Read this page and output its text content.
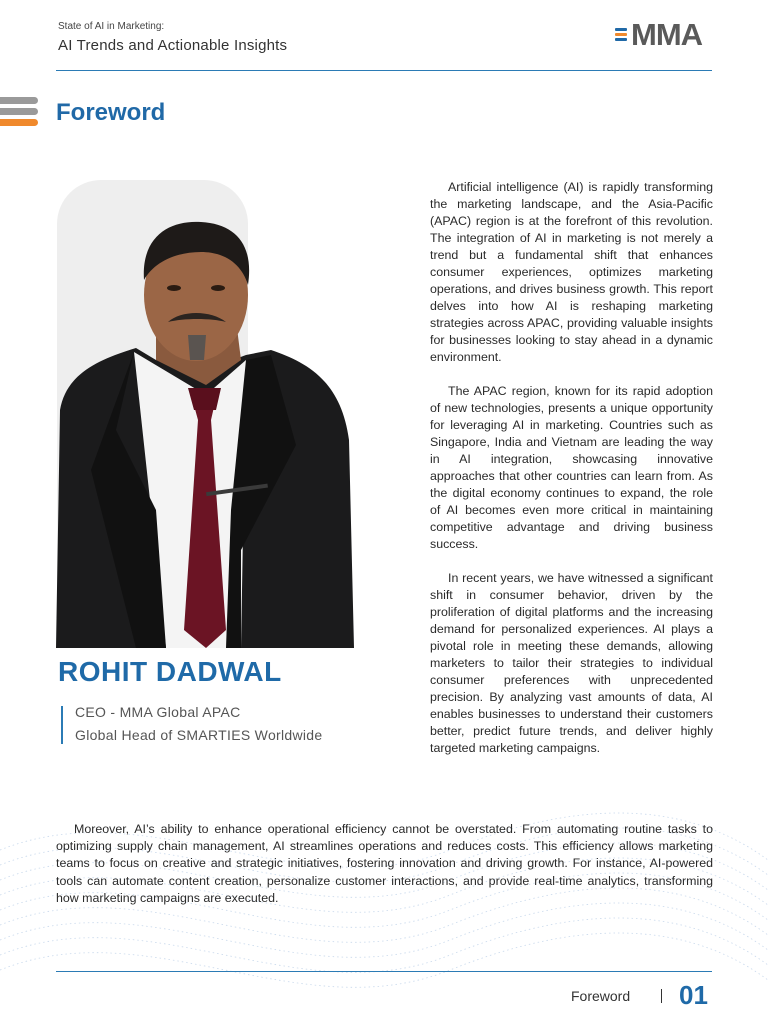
State of AI in Marketing:
AI Trends and Actionable Insights	MMA
Foreword
ROHIT DADWAL
CEO - MMA Global APAC
Global Head of SMARTIES Worldwide

Artificial intelligence (AI) is rapidly transforming the marketing landscape, and the Asia-Pacific (APAC) region is at the forefront of this revolution. The integration of AI in marketing is not merely a trend but a fundamental shift that enhances consumer experiences, optimizes marketing operations, and drives business growth. This report delves into how AI is reshaping marketing strategies across APAC, providing valuable insights for businesses looking to stay ahead in a dynamic environment.

The APAC region, known for its rapid adoption of new technologies, presents a unique opportunity for leveraging AI in marketing. Countries such as Singapore, India and Vietnam are leading the way in AI integration, showcasing innovative approaches that other countries can learn from. As the digital economy continues to expand, the role of AI becomes even more critical in maintaining competitive advantage and driving business success.

In recent years, we have witnessed a significant shift in consumer behavior, driven by the proliferation of digital platforms and the increasing demand for personalized experiences. AI plays a pivotal role in meeting these demands, allowing marketers to tailor their strategies to individual consumer preferences with unprecedented precision. By analyzing vast amounts of data, AI enables businesses to understand their customers better, predict future trends, and deliver highly targeted marketing campaigns.

Moreover, AI’s ability to enhance operational efficiency cannot be overstated. From automating routine tasks to optimizing supply chain management, AI streamlines operations and reduces costs. This efficiency allows marketing teams to focus on creative and strategic initiatives, fostering innovation and driving growth. For instance, AI-powered tools can automate content creation, personalize customer interactions, and provide real-time analytics, transforming how marketing campaigns are executed.

Foreword 01
